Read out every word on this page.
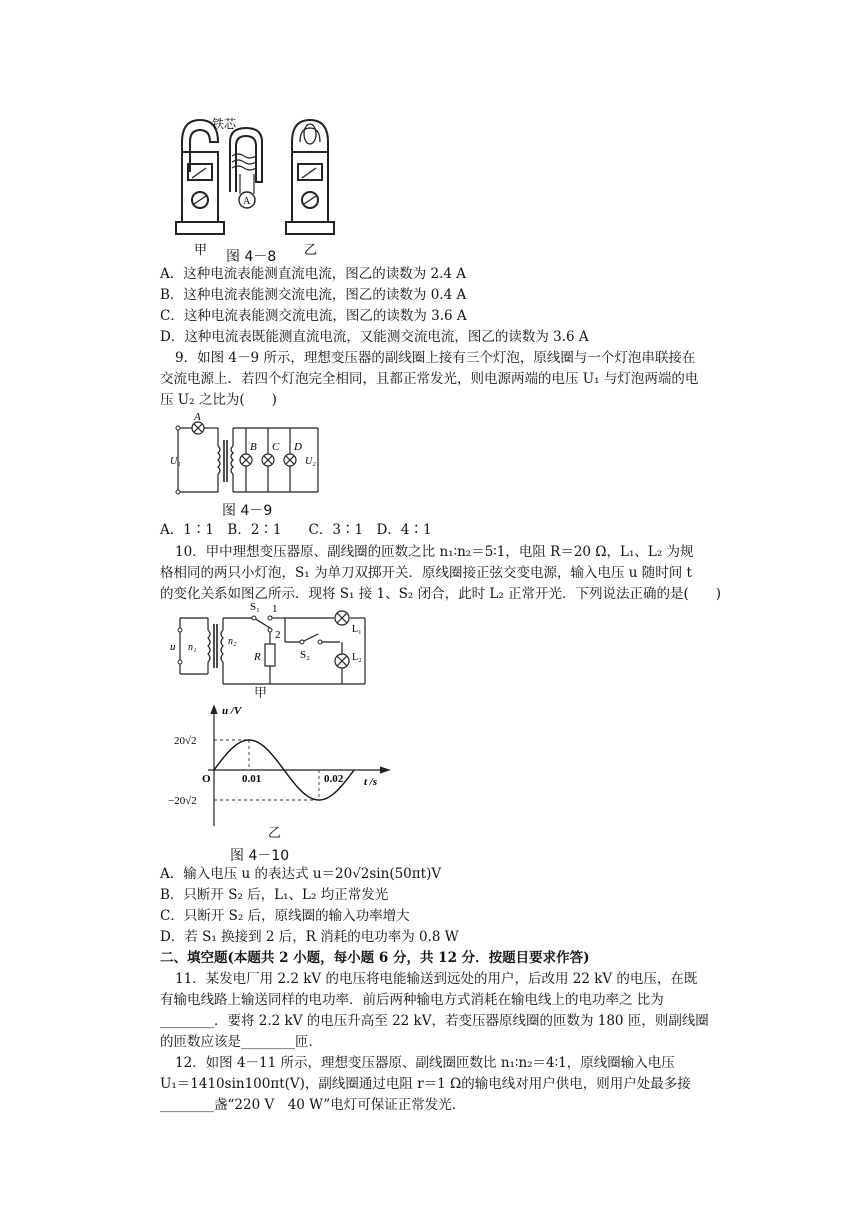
铁芯
A
甲	乙
图 4－8
A．这种电流表能测直流电流，图乙的读数为 2.4 A
B．这种电流表能测交流电流，图乙的读数为 0.4 A
C．这种电流表能测交流电流，图乙的读数为 3.6 A
D．这种电流表既能测直流电流，又能测交流电流，图乙的读数为 3.6 A
9．如图 4－9 所示，理想变压器的副线圈上接有三个灯泡，原线圈与一个灯泡串联接在
交流电源上．若四个灯泡完全相同，且都正常发光，则电源两端的电压 U₁ 与灯泡两端的电
压 U₂ 之比为(　　)
A
B C D
U₁	U₂
图 4－9
A．1∶1　B．2∶1　　C．3∶1　D．4∶1
10．甲中理想变压器原、副线圈的匝数之比 n₁∶n₂＝5∶1，电阻 R＝20 Ω，L₁、L₂ 为规
格相同的两只小灯泡，S₁ 为单刀双掷开关．原线圈接正弦交变电源，输入电压 u 随时间 t
的变化关系如图乙所示．现将 S₁ 接 1、S₂ 闭合，此时 L₂ 正常开光．下列说法正确的是(　　)
S₁ 1
2
u n₁
n₂
R	S₂
L₁
L₂
甲
u /V
t /s
20√2
−20√2
O	0.01	0.02
乙
图 4－10
A．输入电压 u 的表达式 u＝20√2sin(50πt)V
B．只断开 S₂ 后，L₁、L₂ 均正常发光
C．只断开 S₂ 后，原线圈的输入功率增大
D．若 S₁ 换接到 2 后，R 消耗的电功率为 0.8 W
二、填空题(本题共 2 小题，每小题 6 分，共 12 分．按题目要求作答)
11．某发电厂用 2.2 kV 的电压将电能输送到远处的用户，后改用 22 kV 的电压，在既
有输电线路上输送同样的电功率．前后两种输电方式消耗在输电线上的电功率之 比为
________．要将 2.2 kV 的电压升高至 22 kV，若变压器原线圈的匝数为 180 匝，则副线圈
的匝数应该是________匝．
12．如图 4－11 所示，理想变压器原、副线圈匝数比 n₁∶n₂＝4∶1，原线圈输入电压
U₁＝1410sin100πt(V)，副线圈通过电阻 r＝1 Ω的输电线对用户供电，则用户处最多接
________盏“220 V　40 W”电灯可保证正常发光．
